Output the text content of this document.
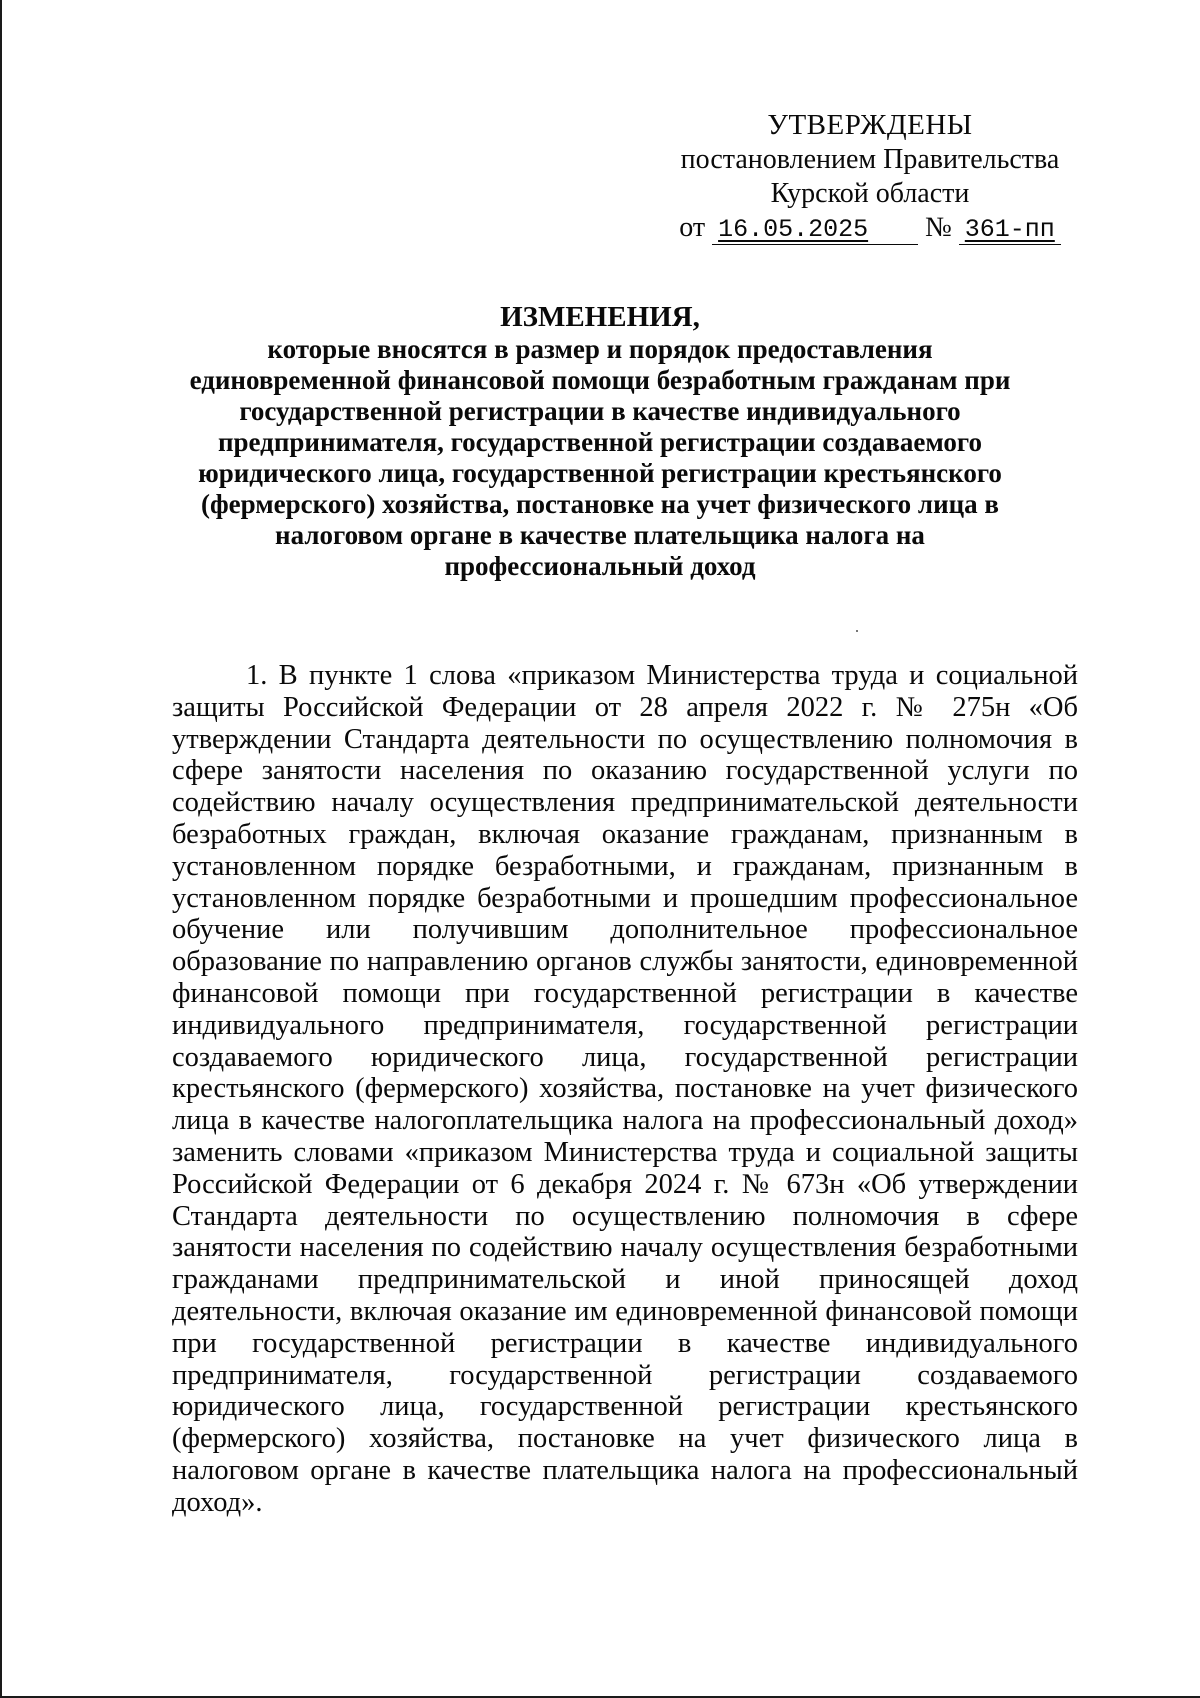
УТВЕРЖДЕНЫ
постановлением Правительства
Курской области

от 16.05.2025 № 361-пп
ИЗМЕНЕНИЯ,
которые вносятся в размер и порядок предоставления единовременной финансовой помощи безработным гражданам при государственной регистрации в качестве индивидуального предпринимателя, государственной регистрации создаваемого юридического лица, государственной регистрации крестьянского (фермерского) хозяйства, постановке на учет физического лица в налоговом органе в качестве плательщика налога на профессиональный доход

1. В пункте 1 слова «приказом Министерства труда и социальной защиты Российской Федерации от 28 апреля 2022 г. № 275н «Об утверждении Стандарта деятельности по осуществлению полномочия в сфере занятости населения по оказанию государственной услуги по содействию началу осуществления предпринимательской деятельности безработных граждан, включая оказание гражданам, признанным в установленном порядке безработными, и гражданам, признанным в установленном порядке безработными и прошедшим профессиональное обучение или получившим дополнительное профессиональное образование по направлению органов службы занятости, единовременной финансовой помощи при государственной регистрации в качестве индивидуального предпринимателя, государственной регистрации создаваемого юридического лица, государственной регистрации крестьянского (фермерского) хозяйства, постановке на учет физического лица в качестве налогоплательщика налога на профессиональный доход» заменить словами «приказом Министерства труда и социальной защиты Российской Федерации от 6 декабря 2024 г. № 673н «Об утверждении Стандарта деятельности по осуществлению полномочия в сфере занятости населения по содействию началу осуществления безработными гражданами предпринимательской и иной приносящей доход деятельности, включая оказание им единовременной финансовой помощи при государственной регистрации в качестве индивидуального предпринимателя, государственной регистрации создаваемого юридического лица, государственной регистрации крестьянского (фермерского) хозяйства, постановке на учет физического лица в налоговом органе в качестве плательщика налога на профессиональный доход».
